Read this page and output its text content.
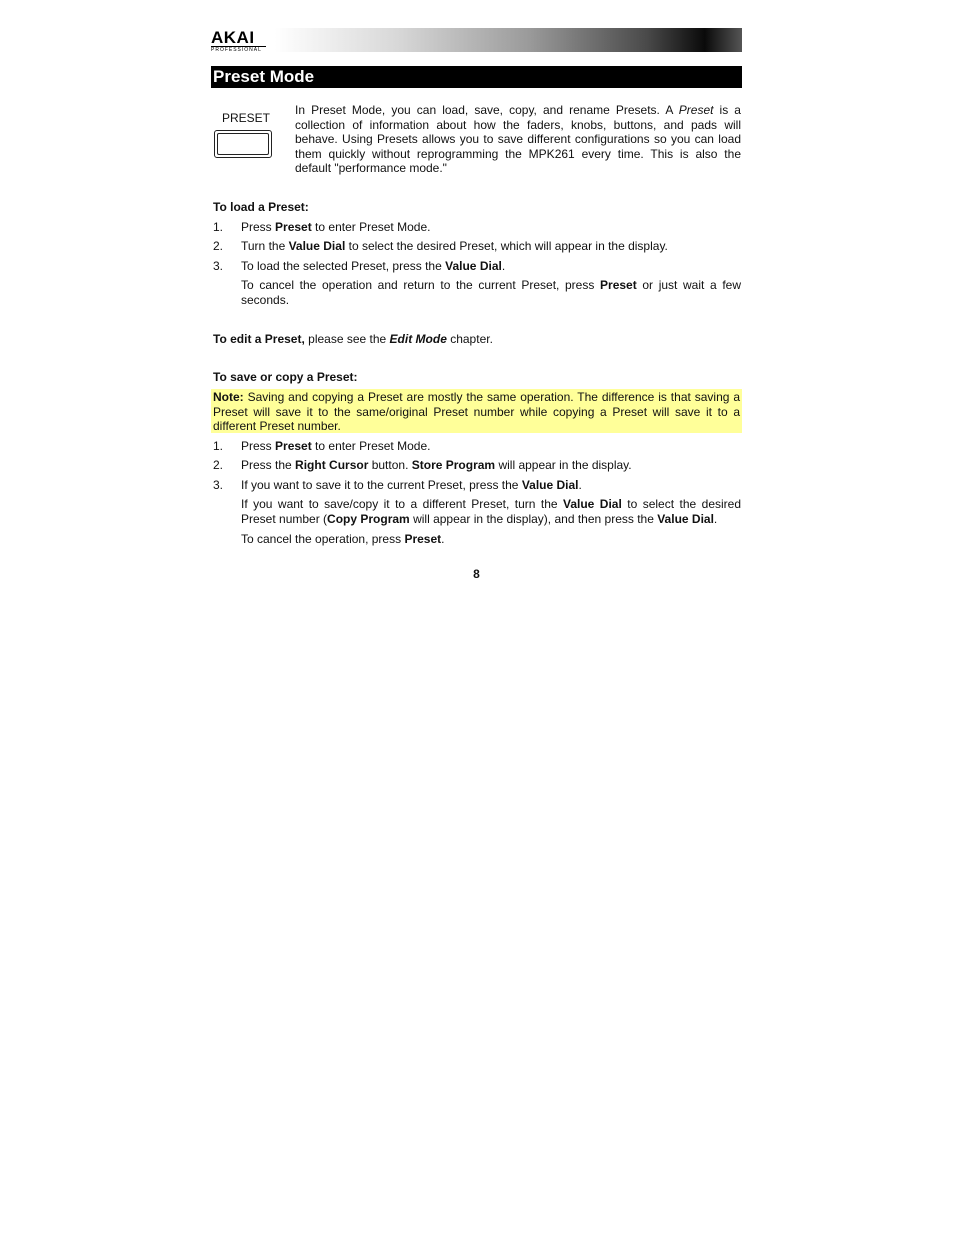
AKAI
PROFESSIONAL
Preset Mode
PRESET
In Preset Mode, you can load, save, copy, and rename Presets. A Preset is a collection of information about how the faders, knobs, buttons, and pads will behave. Using Presets allows you to save different configurations so you can load them quickly without reprogramming the MPK261 every time. This is also the default "performance mode."
To load a Preset:
1. Press Preset to enter Preset Mode.
2. Turn the Value Dial to select the desired Preset, which will appear in the display.
3. To load the selected Preset, press the Value Dial.
To cancel the operation and return to the current Preset, press Preset or just wait a few seconds.
To edit a Preset, please see the Edit Mode chapter.
To save or copy a Preset:
Note: Saving and copying a Preset are mostly the same operation. The difference is that saving a Preset will save it to the same/original Preset number while copying a Preset will save it to a different Preset number.
1. Press Preset to enter Preset Mode.
2. Press the Right Cursor button. Store Program will appear in the display.
3. If you want to save it to the current Preset, press the Value Dial.
If you want to save/copy it to a different Preset, turn the Value Dial to select the desired Preset number (Copy Program will appear in the display), and then press the Value Dial.
To cancel the operation, press Preset.
8
